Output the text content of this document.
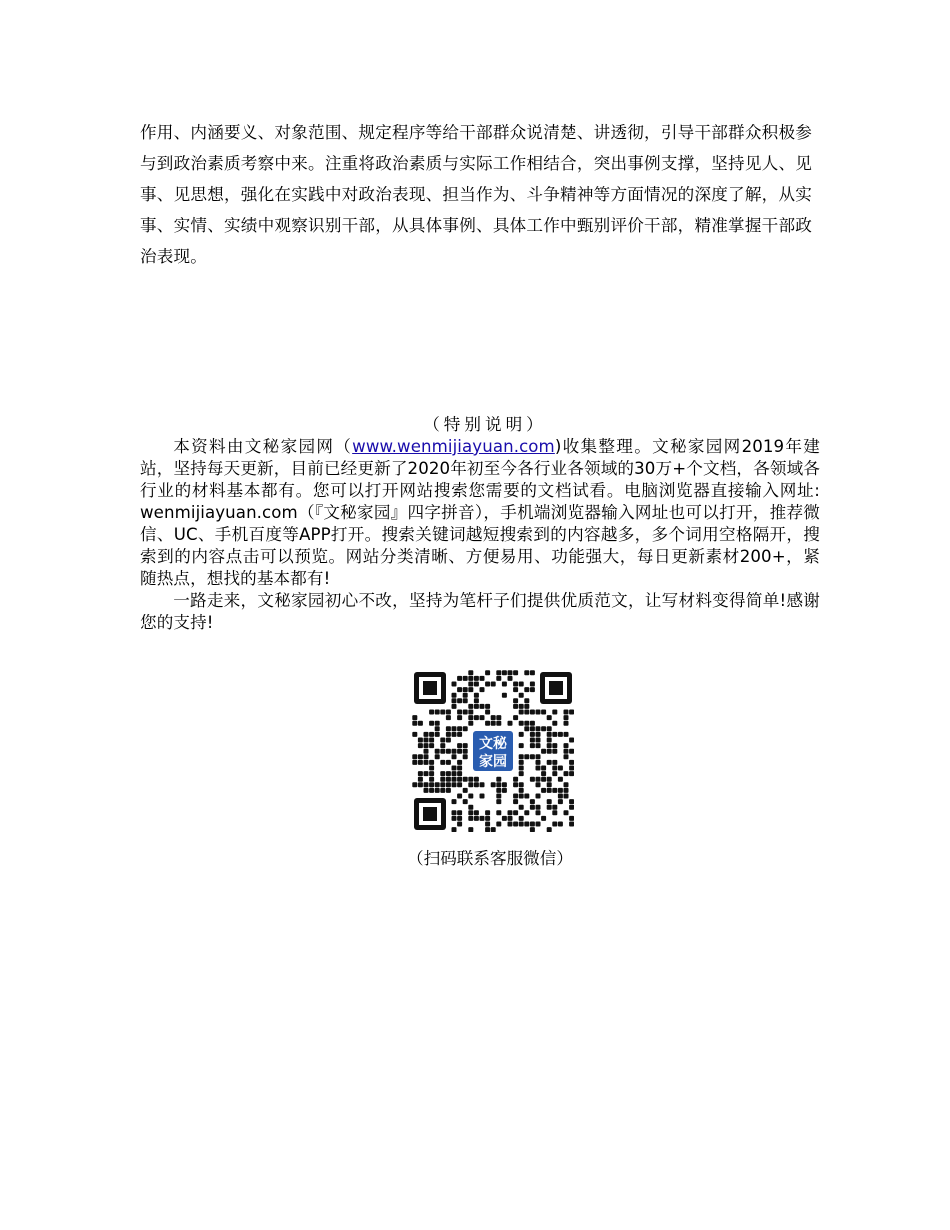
作用、内涵要义、对象范围、规定程序等给干部群众说清楚、讲透彻，引导干部群众积极参与到政治素质考察中来。注重将政治素质与实际工作相结合，突出事例支撑，坚持见人、见事、见思想，强化在实践中对政治表现、担当作为、斗争精神等方面情况的深度了解，从实事、实情、实绩中观察识别干部，从具体事例、具体工作中甄别评价干部，精准掌握干部政治表现。

（特别说明）

本资料由文秘家园网（www.wenmijiayuan.com)收集整理。文秘家园网2019年建站，坚持每天更新，目前已经更新了2020年初至今各行业各领域的30万+个文档，各领域各行业的材料基本都有。您可以打开网站搜索您需要的文档试看。电脑浏览器直接输入网址: wenmijiayuan.com（『文秘家园』四字拼音），手机端浏览器输入网址也可以打开，推荐微信、UC、手机百度等APP打开。搜索关键词越短搜索到的内容越多，多个词用空格隔开，搜索到的内容点击可以预览。网站分类清晰、方便易用、功能强大，每日更新素材200+，紧随热点，想找的基本都有!

一路走来，文秘家园初心不改，坚持为笔杆子们提供优质范文，让写材料变得简单!感谢您的支持!

文秘
家园
（扫码联系客服微信）
